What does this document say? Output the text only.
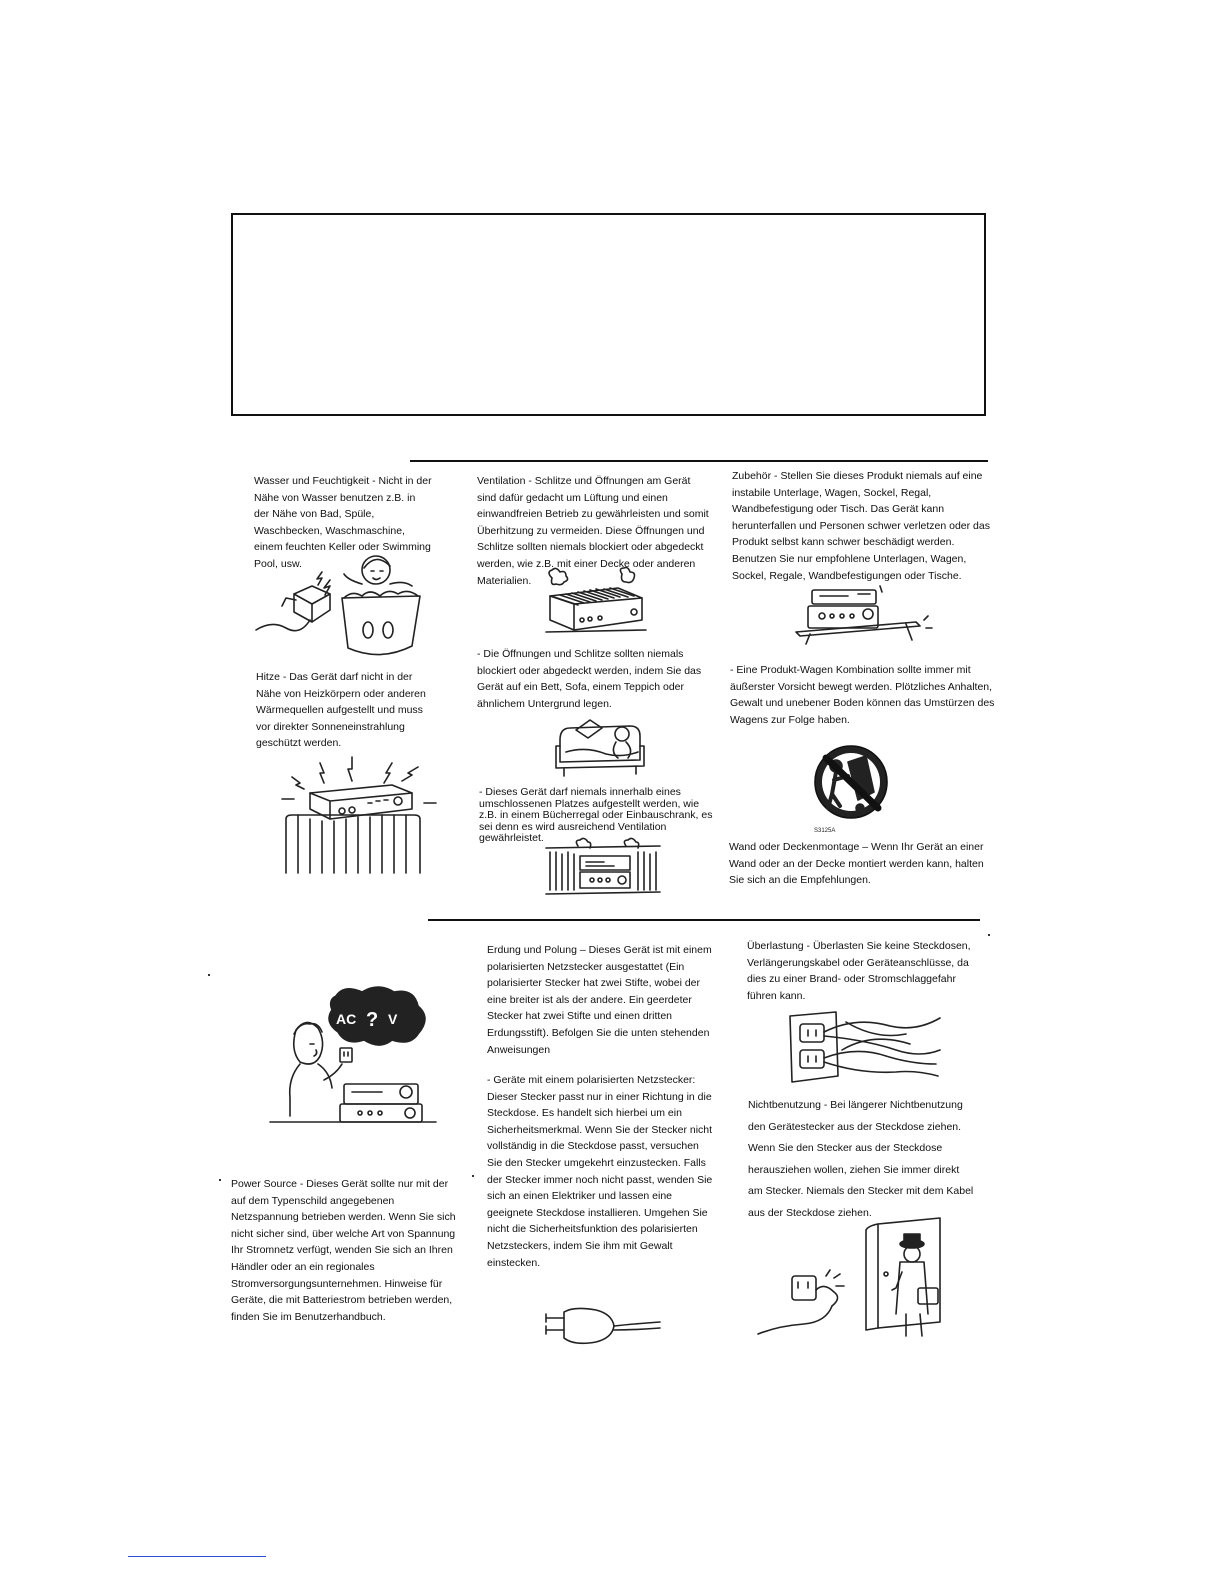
Wasser und Feuchtigkeit - Nicht in der
Nähe von Wasser benutzen z.B. in
der Nähe von Bad, Spüle,
Waschbecken, Waschmaschine,
einem feuchten Keller oder Swimming
Pool, usw.
Hitze - Das Gerät darf nicht in der
Nähe von Heizkörpern oder anderen
Wärmequellen aufgestellt und muss
vor direkter Sonneneinstrahlung
geschützt werden.
Ventilation - Schlitze und Öffnungen am Gerät
sind dafür gedacht um Lüftung und einen
einwandfreien Betrieb zu gewährleisten und somit
Überhitzung zu vermeiden. Diese Öffnungen und
Schlitze sollten niemals blockiert oder abgedeckt
werden, wie z.B. mit einer Decke oder anderen
Materialien.
- Die Öffnungen und Schlitze sollten niemals
blockiert oder abgedeckt werden, indem Sie das
Gerät auf ein Bett, Sofa, einem Teppich oder
ähnlichem Untergrund legen.
- Dieses Gerät darf niemals innerhalb eines
umschlossenen Platzes aufgestellt werden, wie
z.B. in einem Bücherregal oder Einbauschrank, es
sei denn es wird ausreichend Ventilation
gewährleistet.
Zubehör - Stellen Sie dieses Produkt niemals auf eine
instabile Unterlage, Wagen, Sockel, Regal,
Wandbefestigung oder Tisch. Das Gerät kann
herunterfallen und Personen schwer verletzen oder das
Produkt selbst kann schwer beschädigt werden.
Benutzen Sie nur empfohlene Unterlagen, Wagen,
Sockel, Regale, Wandbefestigungen oder Tische.
- Eine Produkt-Wagen Kombination sollte immer mit
äußerster Vorsicht bewegt werden. Plötzliches Anhalten,
Gewalt und unebener Boden können das Umstürzen des
Wagens zur Folge haben.
S3125A
Wand oder Deckenmontage – Wenn Ihr Gerät an einer
Wand oder an der Decke montiert werden kann, halten
Sie sich an die Empfehlungen.
AC ? V
Power Source - Dieses Gerät sollte nur mit der
auf dem Typenschild angegebenen
Netzspannung betrieben werden. Wenn Sie sich
nicht sicher sind, über welche Art von Spannung
Ihr Stromnetz verfügt, wenden Sie sich an Ihren
Händler oder an ein regionales
Stromversorgungsunternehmen. Hinweise für
Geräte, die mit Batteriestrom betrieben werden,
finden Sie im Benutzerhandbuch.
Erdung und Polung – Dieses Gerät ist mit einem
polarisierten Netzstecker ausgestattet (Ein
polarisierter Stecker hat zwei Stifte, wobei der
eine breiter ist als der andere. Ein geerdeter
Stecker hat zwei Stifte und einen dritten
Erdungsstift). Befolgen Sie die unten stehenden
Anweisungen
- Geräte mit einem polarisierten Netzstecker:
Dieser Stecker passt nur in einer Richtung in die
Steckdose. Es handelt sich hierbei um ein
Sicherheitsmerkmal. Wenn Sie der Stecker nicht
vollständig in die Steckdose passt, versuchen
Sie den Stecker umgekehrt einzustecken. Falls
der Stecker immer noch nicht passt, wenden Sie
sich an einen Elektriker und lassen eine
geeignete Steckdose installieren. Umgehen Sie
nicht die Sicherheitsfunktion des polarisierten
Netzsteckers, indem Sie ihm mit Gewalt
einstecken.
Überlastung - Überlasten Sie keine Steckdosen,
Verlängerungskabel oder Geräteanschlüsse, da
dies zu einer Brand- oder Stromschlaggefahr
führen kann.
Nichtbenutzung - Bei längerer Nichtbenutzung
den Gerätestecker aus der Steckdose ziehen.
Wenn Sie den Stecker aus der Steckdose
herausziehen wollen, ziehen Sie immer direkt
am Stecker. Niemals den Stecker mit dem Kabel
aus der Steckdose ziehen.
